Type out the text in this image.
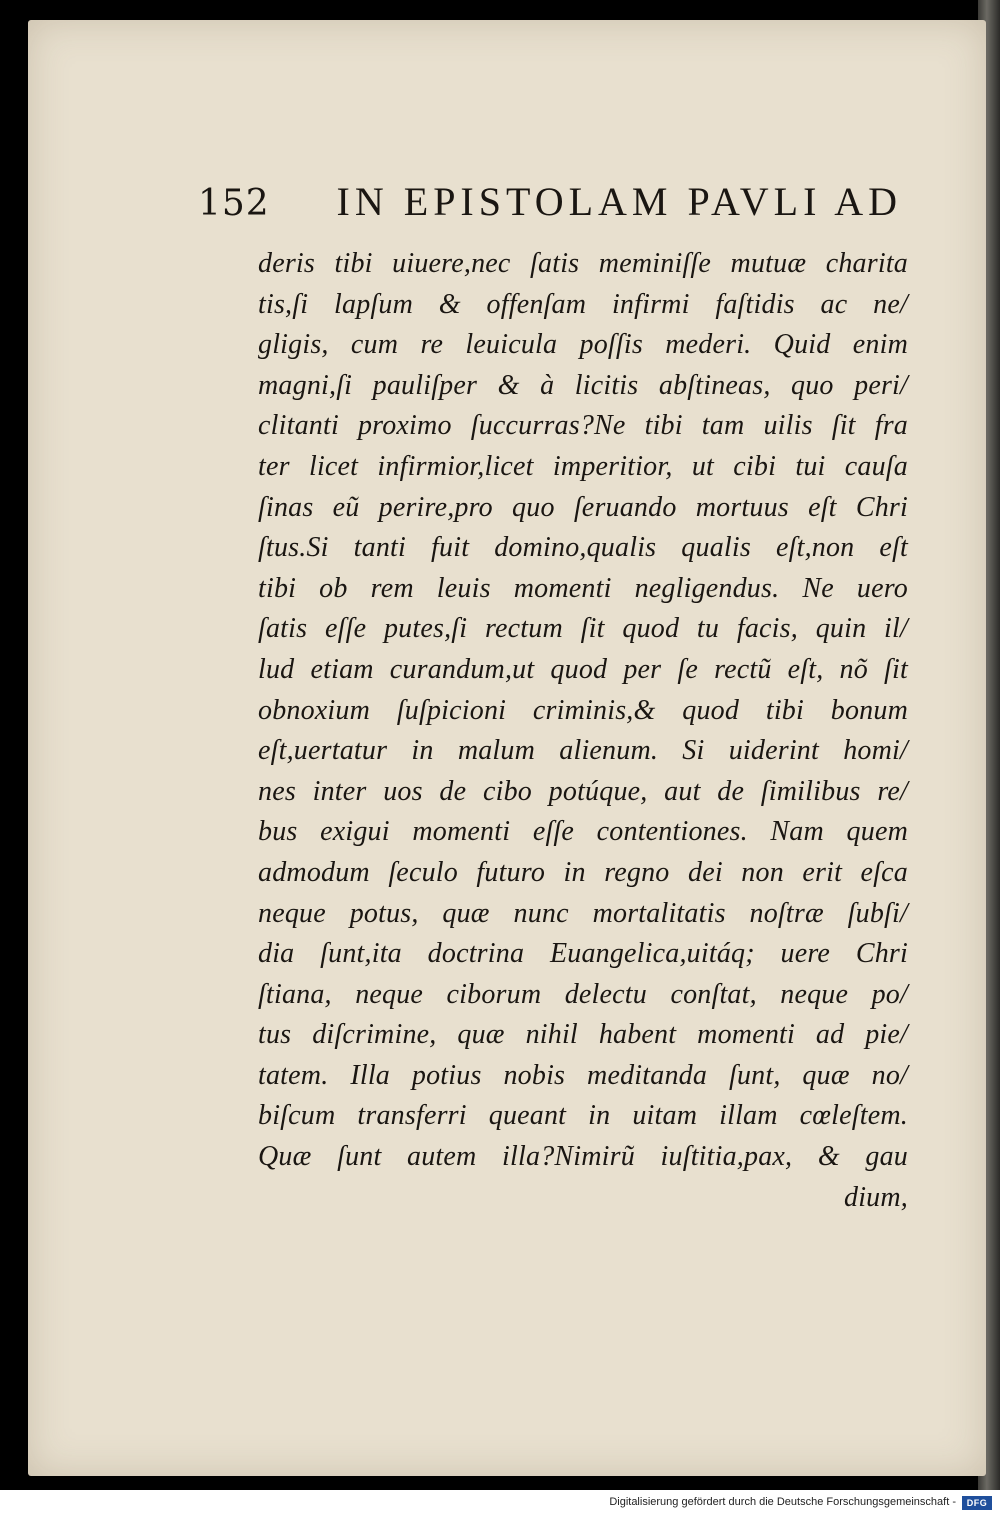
152	IN EPISTOLAM PAVLI AD
deris tibi uiuere,nec ſatis meminiſſe mutuæ charita
tis,ſi lapſum & offenſam infirmi faſtidis ac ne/
gligis, cum re leuicula poſſis mederi. Quid enim
magni,ſi pauliſper & à licitis abſtineas, quo peri/
clitanti proximo ſuccurras?Ne tibi tam uilis ſit fra
ter licet infirmior,licet imperitior, ut cibi tui cauſa
ſinas eũ perire,pro quo ſeruando mortuus eſt Chri
ſtus.Si tanti fuit domino,qualis qualis eſt,non eſt
tibi ob rem leuis momenti negligendus. Ne uero
ſatis eſſe putes,ſi rectum ſit quod tu facis, quin il/
lud etiam curandum,ut quod per ſe rectũ eſt, nõ ſit
obnoxium ſuſpicioni criminis,& quod tibi bonum
eſt,uertatur in malum alienum. Si uiderint homi/
nes inter uos de cibo potúque, aut de ſimilibus re/
bus exigui momenti eſſe contentiones. Nam quem
admodum ſeculo futuro in regno dei non erit eſca
neque potus, quæ nunc mortalitatis noſtræ ſubſi/
dia ſunt,ita doctrina Euangelica,uitáq; uere Chri
ſtiana, neque ciborum delectu conſtat, neque po/
tus diſcrimine, quæ nihil habent momenti ad pie/
tatem. Illa potius nobis meditanda ſunt, quæ no/
biſcum transferri queant in uitam illam cœleſtem.
Quæ ſunt autem illa?Nimirũ iuſtitia,pax, & gau
dium,
Digitalisierung gefördert durch die Deutsche Forschungsgemeinschaft -	DFG
